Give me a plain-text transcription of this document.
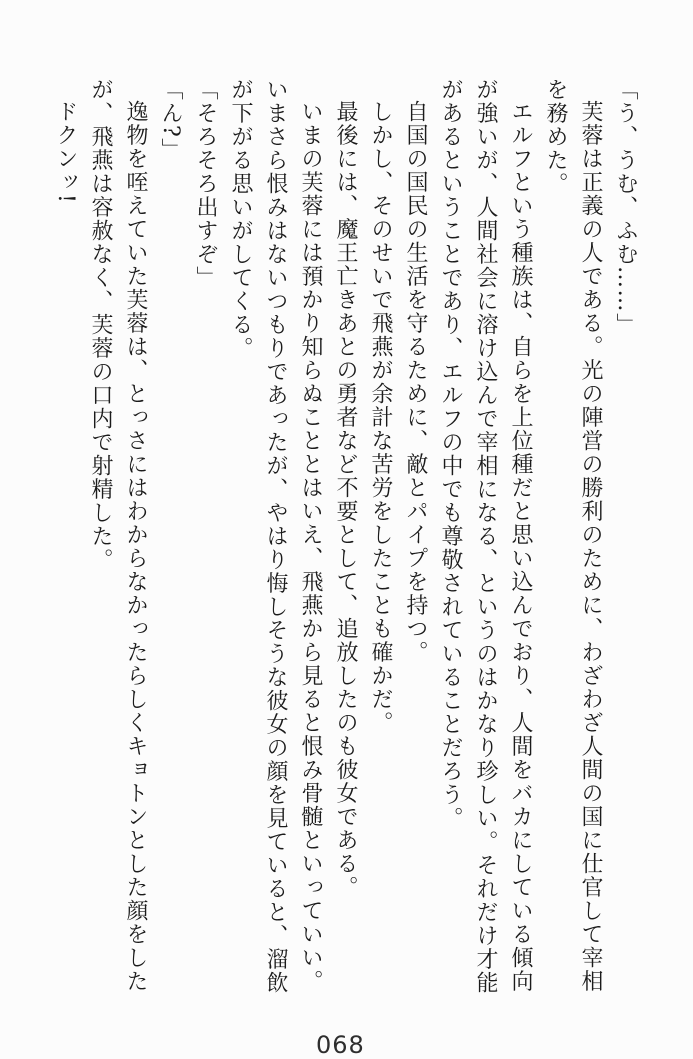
「う、うむ、ふむ……」

芙蓉は正義の人である。光の陣営の勝利のために、わざわざ人間の国に仕官して宰相を務めた。

エルフという種族は、自らを上位種だと思い込んでおり、人間をバカにしている傾向が強いが、人間社会に溶け込んで宰相になる、というのはかなり珍しい。それだけ才能があるということであり、エルフの中でも尊敬されていることだろう。

自国の国民の生活を守るために、敵とパイプを持つ。

しかし、そのせいで飛燕が余計な苦労をしたことも確かだ。

最後には、魔王亡きあとの勇者など不要として、追放したのも彼女である。

いまの芙蓉には預かり知らぬこととはいえ、飛燕から見ると恨み骨髄といっていい。いまさら恨みはないつもりであったが、やはり悔しそうな彼女の顔を見ていると、溜飲が下がる思いがしてくる。

「そろそろ出すぞ」

「ん?」

逸物を咥えていた芙蓉は、とっさにはわからなかったらしくキョトンとした顔をしたが、飛燕は容赦なく、芙蓉の口内で射精した。

ドクンッ!

068
